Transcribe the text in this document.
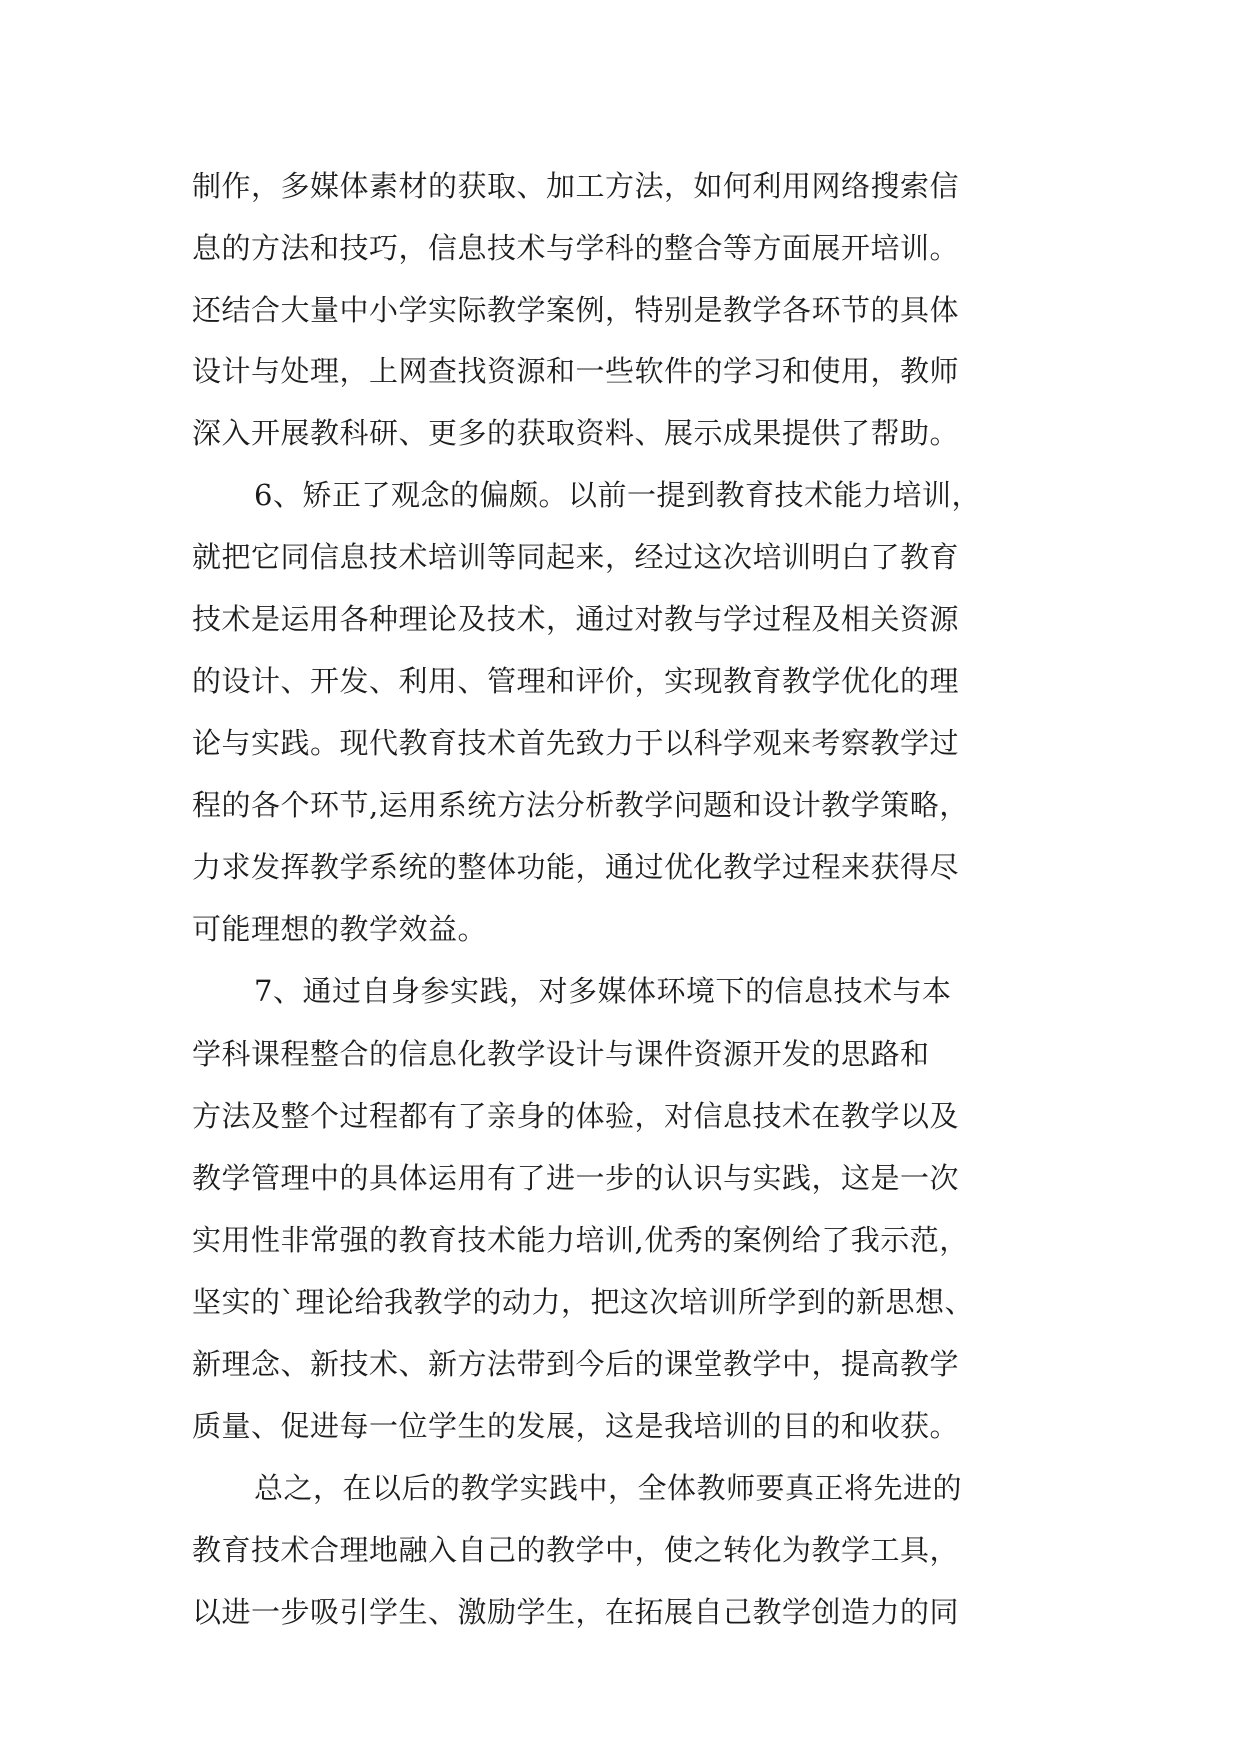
制作，多媒体素材的获取、加工方法，如何利用网络搜索信
息的方法和技巧，信息技术与学科的整合等方面展开培训。
还结合大量中小学实际教学案例，特别是教学各环节的具体
设计与处理，上网查找资源和一些软件的学习和使用，教师
深入开展教科研、更多的获取资料、展示成果提供了帮助。
6、矫正了观念的偏颇。以前一提到教育技术能力培训，
就把它同信息技术培训等同起来，经过这次培训明白了教育
技术是运用各种理论及技术，通过对教与学过程及相关资源
的设计、开发、利用、管理和评价，实现教育教学优化的理
论与实践。现代教育技术首先致力于以科学观来考察教学过
程的各个环节,运用系统方法分析教学问题和设计教学策略，
力求发挥教学系统的整体功能，通过优化教学过程来获得尽
可能理想的教学效益。
7、通过自身参实践，对多媒体环境下的信息技术与本
学科课程整合的信息化教学设计与课件资源开发的思路和
方法及整个过程都有了亲身的体验，对信息技术在教学以及
教学管理中的具体运用有了进一步的认识与实践，这是一次
实用性非常强的教育技术能力培训,优秀的案例给了我示范，
坚实的`理论给我教学的动力，把这次培训所学到的新思想、
新理念、新技术、新方法带到今后的课堂教学中，提高教学
质量、促进每一位学生的发展，这是我培训的目的和收获。
总之，在以后的教学实践中，全体教师要真正将先进的
教育技术合理地融入自己的教学中，使之转化为教学工具，
以进一步吸引学生、激励学生，在拓展自己教学创造力的同
